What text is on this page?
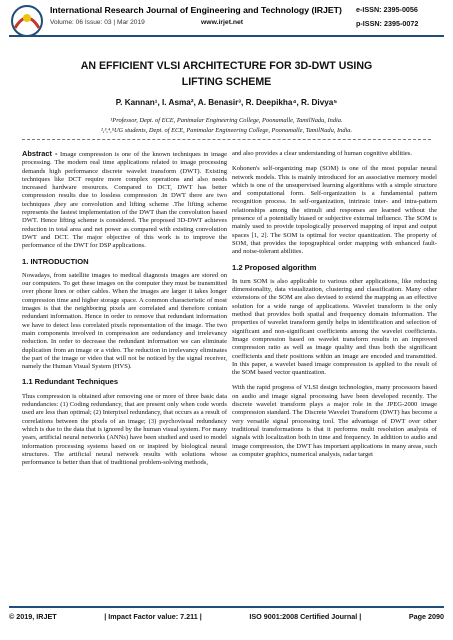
International Research Journal of Engineering and Technology (IRJET) e-ISSN: 2395-0056
Volume: 06 Issue: 03 | Mar 2019	www.irjet.net	p-ISSN: 2395-0072
AN EFFICIENT VLSI ARCHITECTURE FOR 3D-DWT USING
LIFTING SCHEME
P. Kannan¹, I. Asma², A. Benasir³, R. Deepikha⁴, R. Divya⁵
¹Professor, Dept. of ECE, Panimalar Engineering College, Poonamalle, TamilNadu, India.
²,³,⁴,⁵UG students, Dept. of ECE, Panimalar Engineering College, Poonamalle, TamilNadu, India.

Abstract - Image compression is one of the known techniques in image processing. The modern real time applications related to image processing demands high performance discrete wavelet transform (DWT). Existing techniques like DCT require more complex operations and also needs increased hardware resources. Compared to DCT, DWT has better compression results due to lossless compression .In DWT there are two techniques ,they are convolution and lifting scheme .The lifting scheme represents the fastest implementation of the DWT than the convolution based DWT. Hence lifting scheme is considered. The proposed 3D-DWT achieves reduction in total area and net power as compared with existing convolution DWT and DCT. The major objective of this work is to improve the performance of the DWT for DSP applications.

1. INTRODUCTION

Nowadays, from satellite images to medical diagnosis images are stored on our computers. To get these images on the computer they must be transmitted over phone lines or other cables. When the images are larger it takes longer compression time and higher storage space. A common characteristic of most images is that the neighboring pixels are correlated and therefore contain redundant information. Hence in order to remove that redundant information we have to detect less correlated pixels representation of the image. The two main components involved in compression are redundancy and irrelevancy reduction. In order to decrease the redundant information we can eliminate duplication from an image or a video. The reduction in irrelevancy eliminates the part of the image or video that will not be noticed by the signal receiver, namely the Human Visual System (HVS).

1.1 Redundant Techniques

Thus compression is obtained after removing one or more of three basic data redundancies: (1) Coding redundancy, that are present only when code words used are less than optimal; (2) Interpixel redundancy, that occurs as a result of correlations between the pixels of an image; (3) psychovisual redundancy which is due to the data that is ignored by the human visual system. For many years, artificial neural networks (ANNs) have been studied and used to model information processing systems based on or inspired by biological neural structures. The artificial neural network results with solutions whose performance is better than that of traditional problem-solving methods,

and also provides a clear understanding of human cognitive abilities.

Kohonen's self-organizing map (SOM) is one of the most popular neural network models. This is mainly introduced for an associative memory model which is one of the unsupervised learning algorithms with a simple structure and computational form. Self-organization is a fundamental pattern recognition process. In self-organization, intrinsic inter- and intra-pattern relationships among the stimuli and responses are learned without the presence of a potentially biased or subjective external influence. The SOM is mainly used to provide topologically preserved mapping of input and output spaces [1, 2]. The SOM is optimal for vector quantization. The property of SOM, that provides the topographical order mapping with enhanced fault- and noise-tolerant abilities.

1.2 Proposed algorithm

In turn SOM is also applicable to various other applications, like reducing dimensionality, data visualization, clustering and classification. Many other extensions of the SOM are also devised to extend the mapping as an effective solution for a wide range of applications. Wavelet transform is the only method that provides both spatial and frequency domain information. The properties of wavelet transform gently helps in identification and selection of significant and non-significant coefficients among the wavelet coefficients. Image compression based on wavelet transform results in an improved compression ratio as well as image quality and thus both the significant coefficients and their positions within an image are encoded and transmitted. In this paper, a wavelet based image compression is applied to the result of the SOM based vector quantization.

With the rapid progress of VLSI design technologies, many processors based on audio and image signal processing have been developed recently. The discrete wavelet transform plays a major role in the JPEG-2000 image compression standard. The Discrete Wavelet Transform (DWT) has become a very versatile signal processing tool. The advantage of DWT over other traditional transformations is that it performs multi resolution analysis of signals with localization both in time and frequency. In addition to audio and image compression, the DWT has important applications in many areas, such as computer graphics, numerical analysis, radar target

© 2019, IRJET	| Impact Factor value: 7.211 |	ISO 9001:2008 Certified Journal |	Page 2090
